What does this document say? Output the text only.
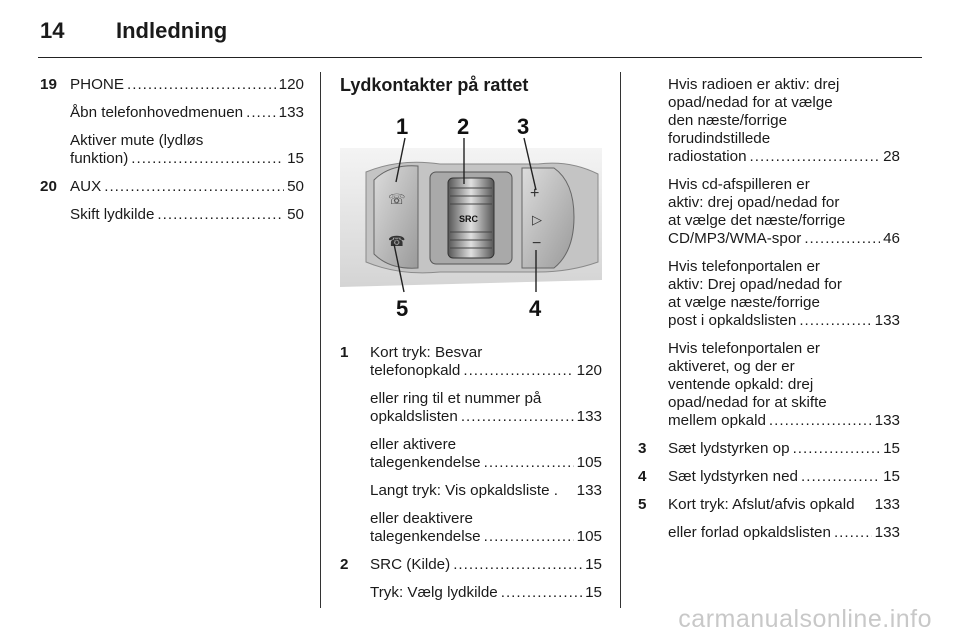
14 Indledning
19 PHONE .....	120
Åbn telefonhovedmenuen ..... 133
Aktiver mute (lydløs
funktion) .....	15
20 AUX .....	50
Skift lydkilde .....	50
Lydkontakter på rattet
SRC
☏
☎
+
▷
−
1 2 3
4
5
1 Kort tryk: Besvar
telefonopkald .....	120
eller ring til et nummer på
opkaldslisten .....	133
eller aktivere
talegenkendelse .....	105
Langt tryk: Vis opkaldsliste . 133
eller deaktivere
talegenkendelse .....	105
2 SRC (Kilde) .....	15
Tryk: Vælg lydkilde .....	15
Hvis radioen er aktiv: drej
opad/nedad for at vælge
den næste/forrige
forudindstillede
radiostation .....	28
Hvis cd-afspilleren er
aktiv: drej opad/nedad for
at vælge det næste/forrige
CD/MP3/WMA-spor .....	46
Hvis telefonportalen er
aktiv: Drej opad/nedad for
at vælge næste/forrige
post i opkaldslisten .....	133
Hvis telefonportalen er
aktiveret, og der er
ventende opkald: drej
opad/nedad for at skifte
mellem opkald .....	133
3 Sæt lydstyrken op .....	15
4 Sæt lydstyrken ned .....	15
5 Kort tryk: Afslut/afvis opkald 133
eller forlad opkaldslisten .....	133
carmanualsonline.info
